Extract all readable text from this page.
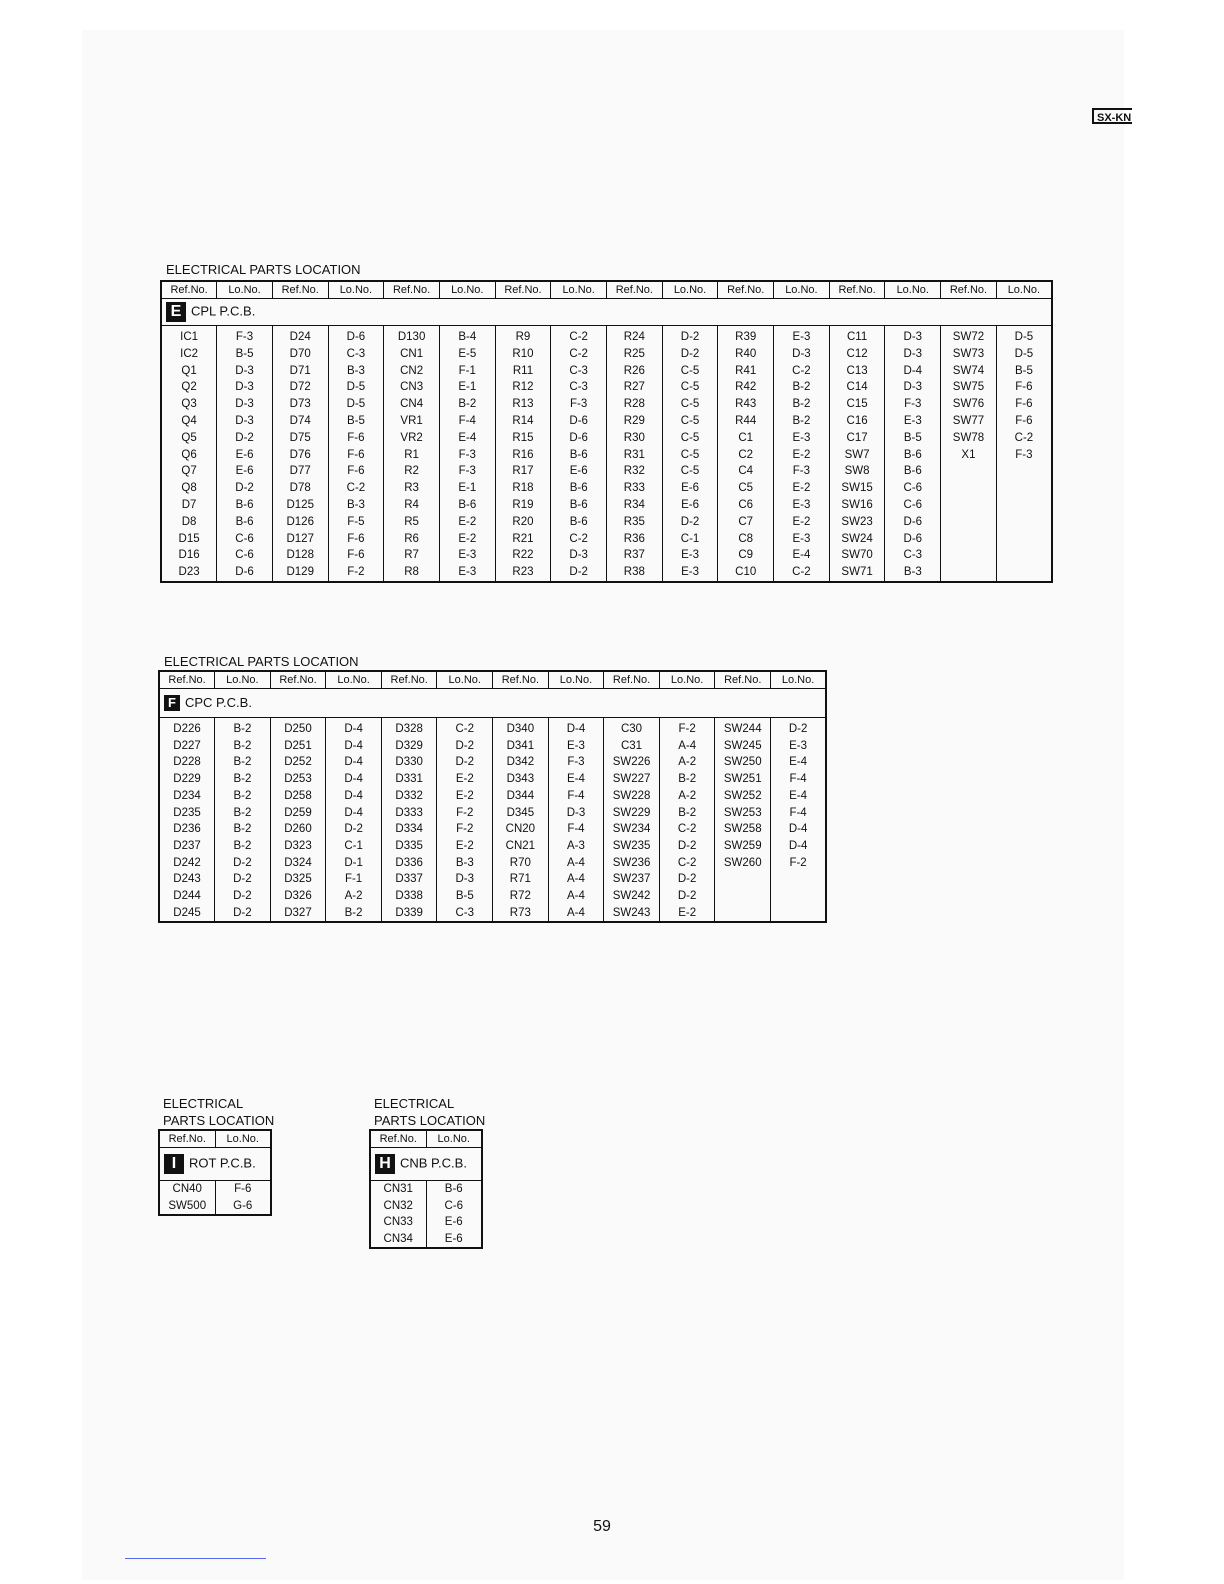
SX-KN
ELECTRICAL PARTS LOCATION
Ref.No.	Lo.No.	Ref.No.	Lo.No.	Ref.No.	Lo.No.	Ref.No.	Lo.No.	Ref.No.	Lo.No.	Ref.No.	Lo.No.	Ref.No.	Lo.No.	Ref.No.	Lo.No.
E CPL P.C.B.															
IC1	F-3	D24	D-6	D130	B-4	R9	C-2	R24	D-2	R39	E-3	C11	D-3	SW72	D-5
IC2	B-5	D70	C-3	CN1	E-5	R10	C-2	R25	D-2	R40	D-3	C12	D-3	SW73	D-5
Q1	D-3	D71	B-3	CN2	F-1	R11	C-3	R26	C-5	R41	C-2	C13	D-4	SW74	B-5
Q2	D-3	D72	D-5	CN3	E-1	R12	C-3	R27	C-5	R42	B-2	C14	D-3	SW75	F-6
Q3	D-3	D73	D-5	CN4	B-2	R13	F-3	R28	C-5	R43	B-2	C15	F-3	SW76	F-6
Q4	D-3	D74	B-5	VR1	F-4	R14	D-6	R29	C-5	R44	B-2	C16	E-3	SW77	F-6
Q5	D-2	D75	F-6	VR2	E-4	R15	D-6	R30	C-5	C1	E-3	C17	B-5	SW78	C-2
Q6	E-6	D76	F-6	R1	F-3	R16	B-6	R31	C-5	C2	E-2	SW7	B-6	X1	F-3
Q7	E-6	D77	F-6	R2	F-3	R17	E-6	R32	C-5	C4	F-3	SW8	B-6		
Q8	D-2	D78	C-2	R3	E-1	R18	B-6	R33	E-6	C5	E-2	SW15	C-6		
D7	B-6	D125	B-3	R4	B-6	R19	B-6	R34	E-6	C6	E-3	SW16	C-6		
D8	B-6	D126	F-5	R5	E-2	R20	B-6	R35	D-2	C7	E-2	SW23	D-6		
D15	C-6	D127	F-6	R6	E-2	R21	C-2	R36	C-1	C8	E-3	SW24	D-6		
D16	C-6	D128	F-6	R7	E-3	R22	D-3	R37	E-3	C9	E-4	SW70	C-3		
D23	D-6	D129	F-2	R8	E-3	R23	D-2	R38	E-3	C10	C-2	SW71	B-3		
ELECTRICAL PARTS LOCATION
Ref.No.	Lo.No.	Ref.No.	Lo.No.	Ref.No.	Lo.No.	Ref.No.	Lo.No.	Ref.No.	Lo.No.	Ref.No.	Lo.No.
F CPC P.C.B.											
D226	B-2	D250	D-4	D328	C-2	D340	D-4	C30	F-2	SW244	D-2
D227	B-2	D251	D-4	D329	D-2	D341	E-3	C31	A-4	SW245	E-3
D228	B-2	D252	D-4	D330	D-2	D342	F-3	SW226	A-2	SW250	E-4
D229	B-2	D253	D-4	D331	E-2	D343	E-4	SW227	B-2	SW251	F-4
D234	B-2	D258	D-4	D332	E-2	D344	F-4	SW228	A-2	SW252	E-4
D235	B-2	D259	D-4	D333	F-2	D345	D-3	SW229	B-2	SW253	F-4
D236	B-2	D260	D-2	D334	F-2	CN20	F-4	SW234	C-2	SW258	D-4
D237	B-2	D323	C-1	D335	E-2	CN21	A-3	SW235	D-2	SW259	D-4
D242	D-2	D324	D-1	D336	B-3	R70	A-4	SW236	C-2	SW260	F-2
D243	D-2	D325	F-1	D337	D-3	R71	A-4	SW237	D-2		
D244	D-2	D326	A-2	D338	B-5	R72	A-4	SW242	D-2		
D245	D-2	D327	B-2	D339	C-3	R73	A-4	SW243	E-2		
ELECTRICAL
PARTS LOCATION
Ref.No.	Lo.No.
I ROT P.C.B.	
CN40	F-6
SW500	G-6
ELECTRICAL
PARTS LOCATION
Ref.No.	Lo.No.
H CNB P.C.B.	
CN31	B-6
CN32	C-6
CN33	E-6
CN34	E-6
59
